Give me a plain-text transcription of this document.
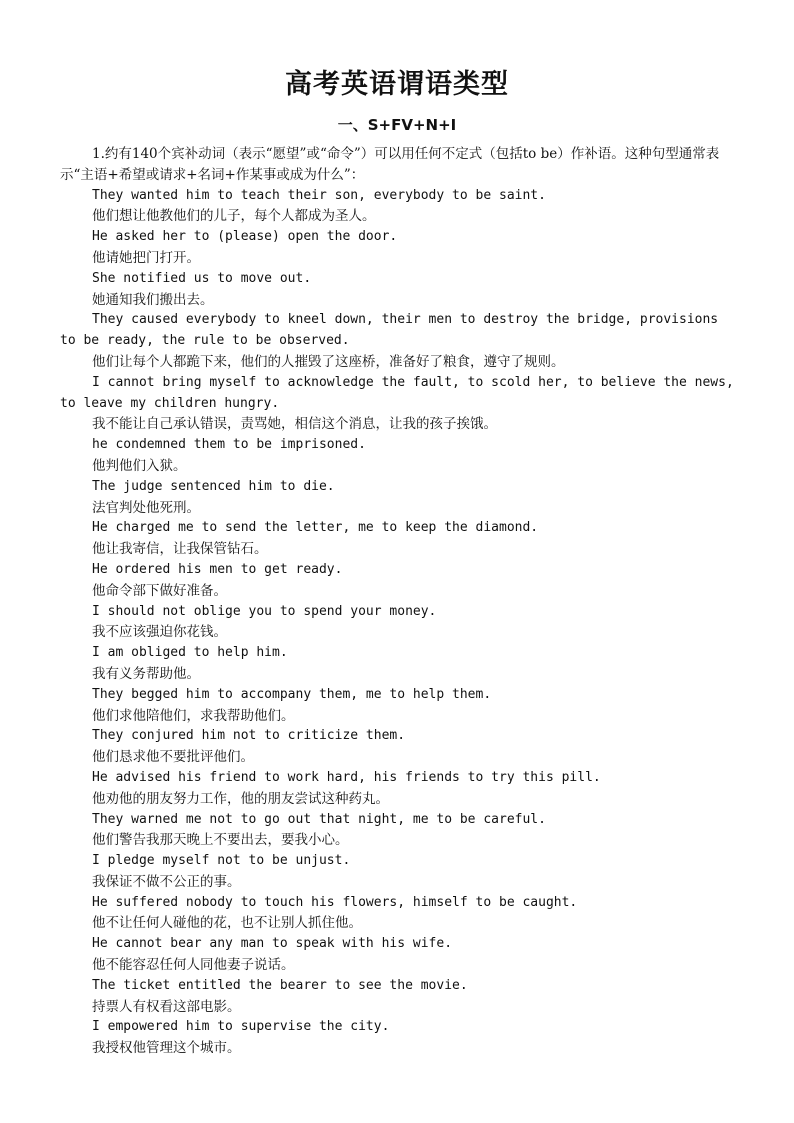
高考英语谓语类型
一、S+FV+N+I

1.约有140个宾补动词（表示“愿望”或“命令”）可以用任何不定式（包括to be）作补语。这种句型通常表示“主语+希望或请求+名词+作某事或成为什么”：

They wanted him to teach their son, everybody to be saint.

他们想让他教他们的儿子，每个人都成为圣人。

He asked her to (please) open the door.

他请她把门打开。

She notified us to move out.

她通知我们搬出去。

They caused everybody to kneel down, their men to destroy the bridge, provisions to be ready, the rule to be observed.

他们让每个人都跪下来，他们的人摧毁了这座桥，准备好了粮食，遵守了规则。

I cannot bring myself to acknowledge the fault, to scold her, to believe the news, to leave my children hungry.

我不能让自己承认错误，责骂她，相信这个消息，让我的孩子挨饿。

he condemned them to be imprisoned.

他判他们入狱。

The judge sentenced him to die.

法官判处他死刑。

He charged me to send the letter, me to keep the diamond.

他让我寄信，让我保管钻石。

He ordered his men to get ready.

他命令部下做好准备。

I should not oblige you to spend your money.

我不应该强迫你花钱。

I am obliged to help him.

我有义务帮助他。

They begged him to accompany them, me to help them.

他们求他陪他们，求我帮助他们。

They conjured him not to criticize them.

他们恳求他不要批评他们。

He advised his friend to work hard, his friends to try this pill.

他劝他的朋友努力工作，他的朋友尝试这种药丸。

They warned me not to go out that night, me to be careful.

他们警告我那天晚上不要出去，要我小心。

I pledge myself not to be unjust.

我保证不做不公正的事。

He suffered nobody to touch his flowers, himself to be caught.

他不让任何人碰他的花，也不让别人抓住他。

He cannot bear any man to speak with his wife.

他不能容忍任何人同他妻子说话。

The ticket entitled the bearer to see the movie.

持票人有权看这部电影。

I empowered him to supervise the city.

我授权他管理这个城市。
